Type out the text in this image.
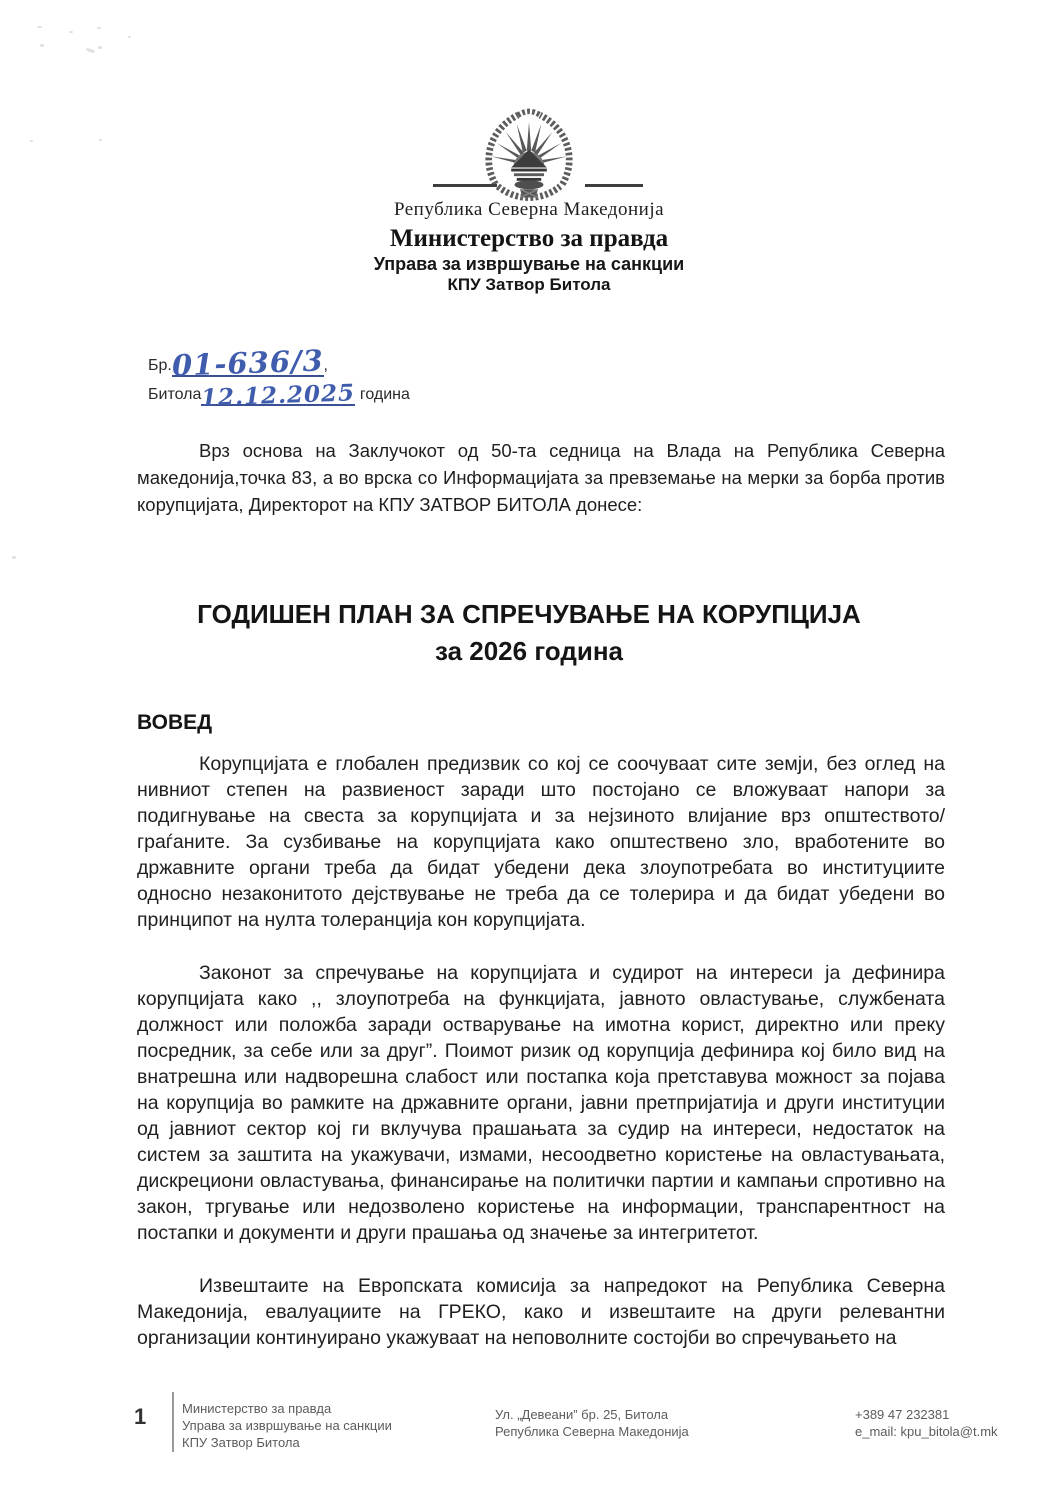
Република Северна Македонија
Министерство за правда
Управа за извршување на санкции
КПУ Затвор Битола
Бр.01-636/3,
Битола12.12.2025 година

Врз основа на Заклучокот од 50-та седница на Влада на Република Северна македонија,точка 83, а во врска со Информацијата за превземање на мерки за борба против корупцијата, Директорот на КПУ ЗАТВОР БИТОЛА донесе:

ГОДИШЕН ПЛАН ЗА СПРЕЧУВАЊЕ НА КОРУПЦИЈА
за 2026 година
ВОВЕД

Корупцијата е глобален предизвик со кој се соочуваат сите земји, без оглед на нивниот степен на развиеност заради што постојано се вложуваат напори за подигнување на свеста за корупцијата и за нејзиното влијание врз општеството/граѓаните. За сузбивање на корупцијата како општествено зло, вработените во државните органи треба да бидат убедени дека злоупотребата во институциите односно незаконитото дејствување не треба да се толерира и да бидат убедени во принципот на нулта толеранција кон корупцијата.

Законот за спречување на корупцијата и судирот на интереси ја дефинира корупцијата како ,, злоупотреба на функцијата, јавното овластување, службената должност или положба заради остварување на имотна корист, директно или преку посредник, за себе или за друг”. Поимот ризик од корупција дефинира кој било вид на внатрешна или надворешна слабост или постапка која претставува можност за појава на корупција во рамките на државните органи, јавни претпријатија и други институции од јавниот сектор кој ги вклучува прашањата за судир на интереси, недостаток на систем за заштита на укажувачи, измами, несоодветно користење на овластувањата, дискрециони овластувања, финансирање на политички партии и кампањи спротивно на закон, тргување или недозволено користење на информации, транспарентност на постапки и документи и други прашања од значење за интегритетот.

Извештаите на Европската комисија за напредокот на Република Северна Македонија, евалуациите на ГРЕКО, како и извештаите на други релевантни организации континуирано укажуваат на неповолните состојби во спречувањето на

1	Министерство за правда
Управа за извршување на санкции
КПУ Затвор Битола
Ул. „Девеани” бр. 25, Битола
Република Северна Македонија
+389 47 232381
e_mail: kpu_bitola@t.mk
